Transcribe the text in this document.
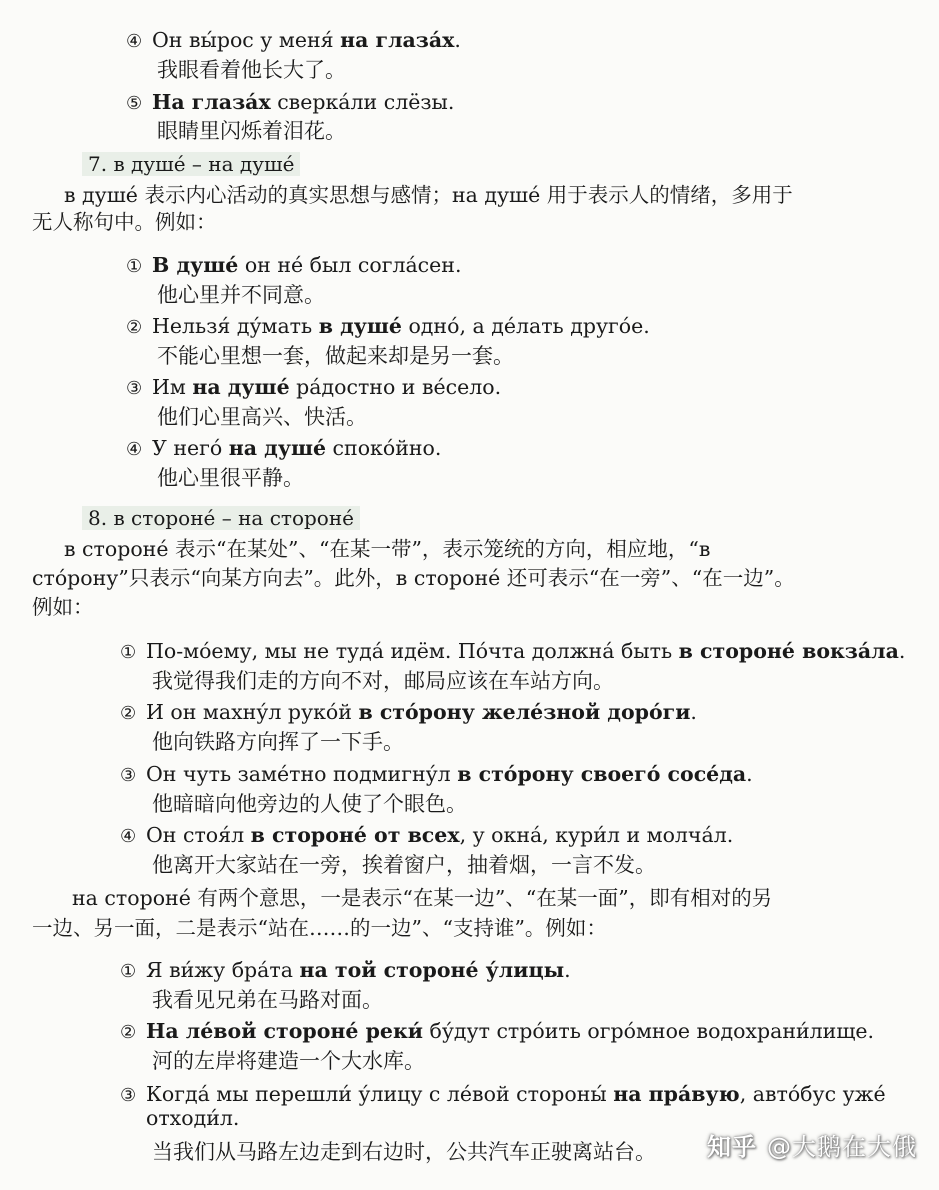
④ Он вы́рос у меня́ на глаза́х.
我眼看着他长大了。
⑤ На глаза́х сверка́ли слёзы.
眼睛里闪烁着泪花。
7. в душé – на душé
в душé 表示内心活动的真实思想与感情；на душé 用于表示人的情绪，多用于
无人称句中。例如：
① В душе́ он не́ был согла́сен.
他心里并不同意。
② Нельзя́ ду́мать в душе́ одно́, а де́лать друго́е.
不能心里想一套，做起来却是另一套。
③ Им на душе́ ра́достно и ве́село.
他们心里高兴、快活。
④ У него́ на душе́ споко́йно.
他心里很平静。
8. в сторонé – на сторонé
в сторонé 表示“在某处”、“在某一带”，表示笼统的方向，相应地，“в
сто́рону”只表示“向某方向去”。此外，в сторонé 还可表示“在一旁”、“在一边”。
例如：
① По-мо́ему, мы не туда́ идём. По́чта должна́ быть в стороне́ вокза́ла.
我觉得我们走的方向不对，邮局应该在车站方向。
② И он махну́л руко́й в сто́рону желе́зной доро́ги.
他向铁路方向挥了一下手。
③ Он чуть заме́тно подмигну́л в сто́рону своего́ сосе́да.
他暗暗向他旁边的人使了个眼色。
④ Он стоя́л в стороне́ от всех, у окна́, кури́л и молча́л.
他离开大家站在一旁，挨着窗户，抽着烟，一言不发。
на сторонé 有两个意思，一是表示“在某一边”、“在某一面”，即有相对的另
一边、另一面，二是表示“站在……的一边”、“支持谁”。例如：
① Я ви́жу бра́та на той стороне́ у́лицы.
我看见兄弟在马路对面。
② На ле́вой стороне́ реки́ бу́дут стро́ить огро́мное водохрани́лище.
河的左岸将建造一个大水库。
③ Когда́ мы перешли́ у́лицу с ле́вой стороны́ на пра́вую, авто́бус уже́
отходи́л.
当我们从马路左边走到右边时，公共汽车正驶离站台。 知乎 @大鹅在大俄
